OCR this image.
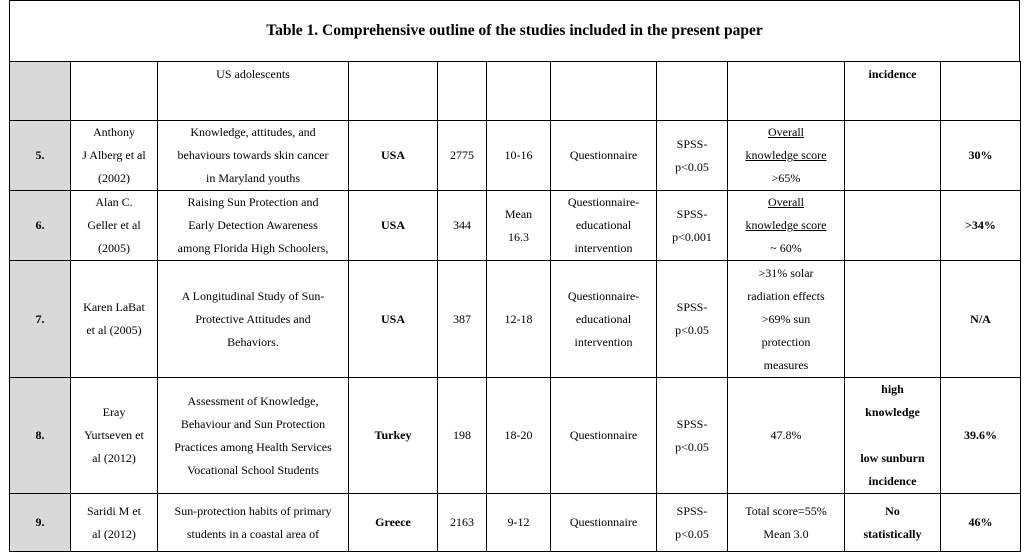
Table 1. Comprehensive outline of the studies included in the present paper
		US adolescents							incidence	
5.	Anthony
J Alberg et al
(2002)	Knowledge, attitudes, and
behaviours towards skin cancer
in Maryland youths	USA	2775	10-16	Questionnaire	SPSS-
p<0.05	Overall
knowledge score
>65%		30%
6.	Alan C.
Geller et al
(2005)	Raising Sun Protection and
Early Detection Awareness
among Florida High Schoolers,	USA	344	Mean
16.3	Questionnaire-
educational
intervention	SPSS-
p<0.001	Overall
knowledge score
~ 60%		>34%
7.	Karen LaBat
et al (2005)	A Longitudinal Study of Sun-
Protective Attitudes and
Behaviors.	USA	387	12-18	Questionnaire-
educational
intervention	SPSS-
p<0.05	>31% solar
radiation effects
>69% sun
protection
measures		N/A
8.	Eray
Yurtseven et
al (2012)	Assessment of Knowledge,
Behaviour and Sun Protection
Practices among Health Services
Vocational School Students	Turkey	198	18-20	Questionnaire	SPSS-
p<0.05	47.8%	high
knowledge
low sunburn
incidence	39.6%
9.	Saridi M et
al (2012)	Sun-protection habits of primary
students in a coastal area of	Greece	2163	9-12	Questionnaire	SPSS-
p<0.05	Total score=55%
Mean 3.0	No
statistically	46%
